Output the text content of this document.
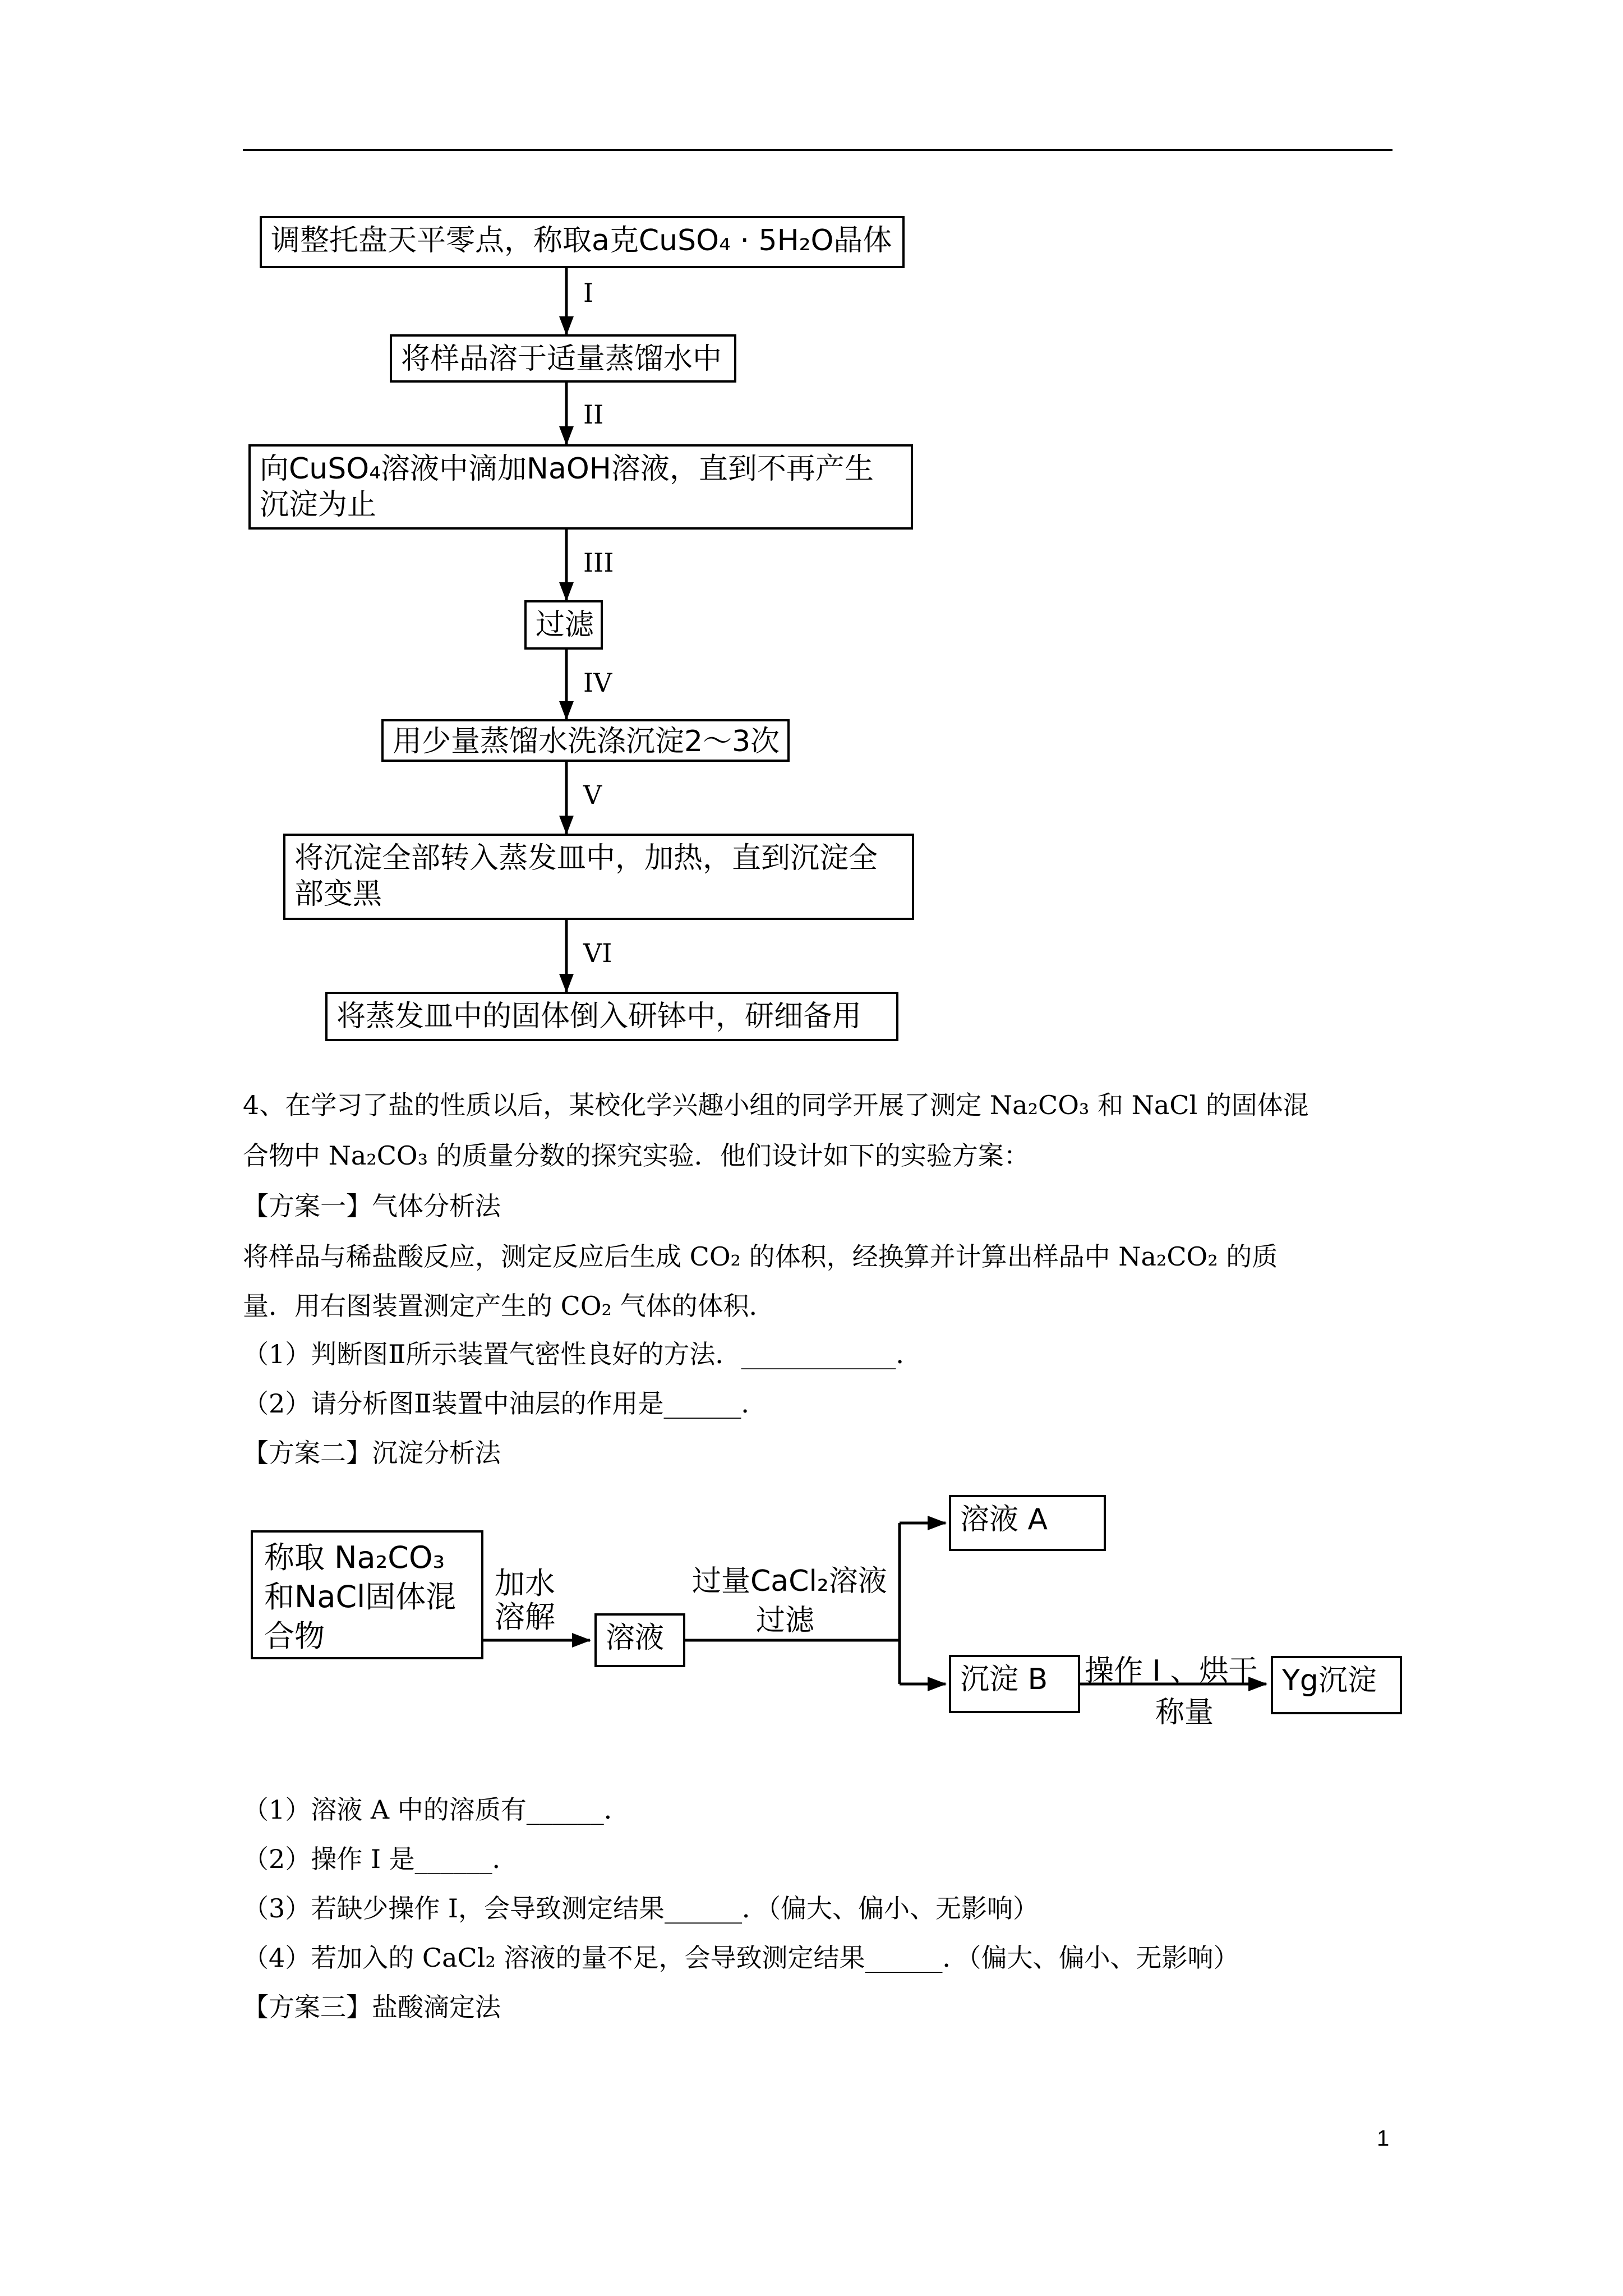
调整托盘天平零点，称取a克CuSO₄ · 5H₂O晶体
将样品溶于适量蒸馏水中
向CuSO₄溶液中滴加NaOH溶液，直到不再产生沉淀为止
过滤
用少量蒸馏水洗涤沉淀2～3次
将沉淀全部转入蒸发皿中，加热，直到沉淀全部变黑
将蒸发皿中的固体倒入研钵中，研细备用
I
II
III
IV
V
VI
4、在学习了盐的性质以后，某校化学兴趣小组的同学开展了测定 Na₂CO₃ 和 NaCl 的固体混
合物中 Na₂CO₃ 的质量分数的探究实验．他们设计如下的实验方案：
【方案一】气体分析法
将样品与稀盐酸反应，测定反应后生成 CO₂ 的体积，经换算并计算出样品中 Na₂CO₂ 的质
量．用右图装置测定产生的 CO₂ 气体的体积．
（1）判断图Ⅱ所示装置气密性良好的方法．____________．
（2）请分析图Ⅱ装置中油层的作用是______．
【方案二】沉淀分析法
称取 Na₂CO₃ 和NaCl固体混合物	溶液
溶液 A
沉淀 B	Yg沉淀
加水
溶解
过量CaCl₂溶液
过滤
操作 I 、烘干
称量
（1）溶液 A 中的溶质有______．
（2）操作 I 是______．
（3）若缺少操作 I，会导致测定结果______．（偏大、偏小、无影响）
（4）若加入的 CaCl₂ 溶液的量不足，会导致测定结果______．（偏大、偏小、无影响）
【方案三】盐酸滴定法
1
